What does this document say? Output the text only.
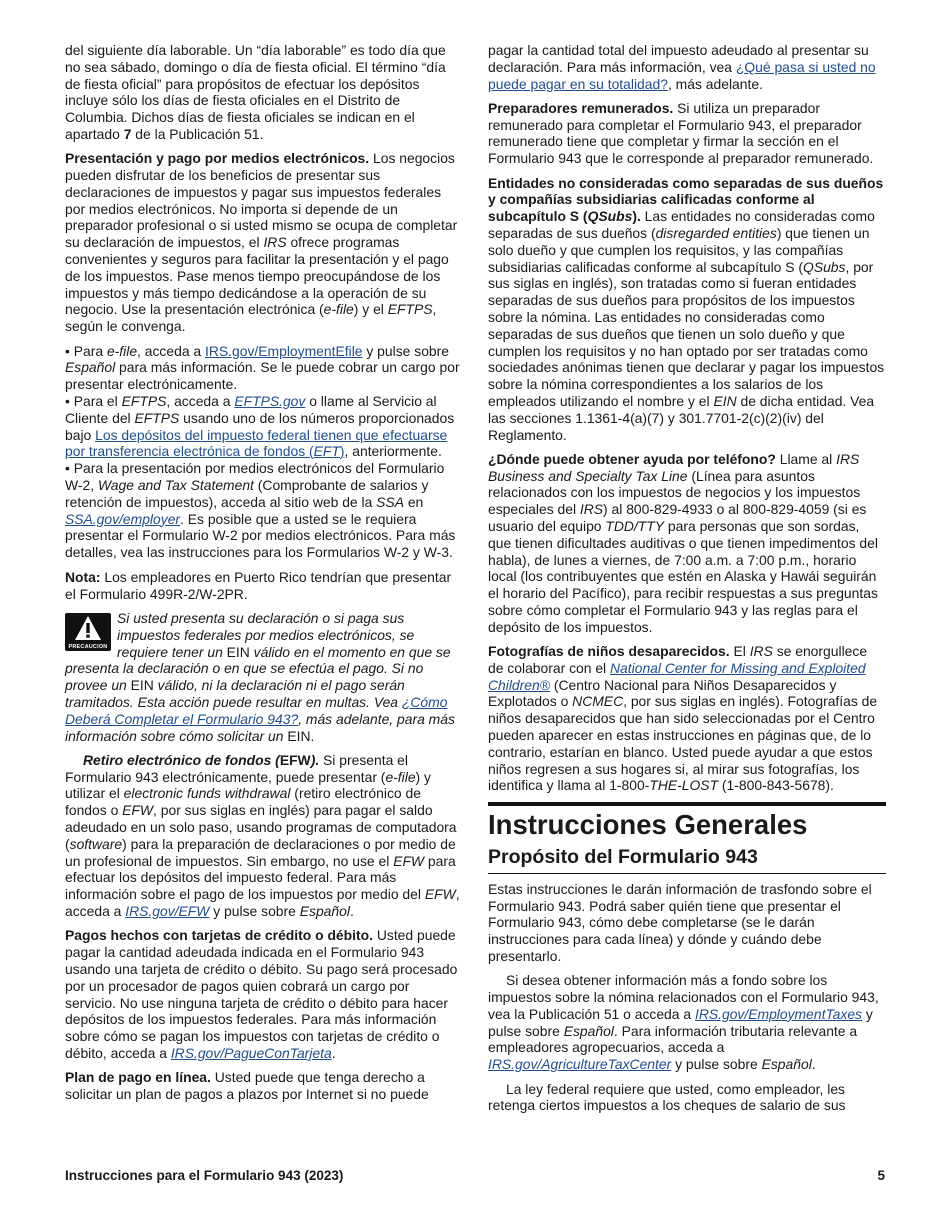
del siguiente día laborable. Un “día laborable” es todo día que no sea sábado, domingo o día de fiesta oficial. El término “día de fiesta oficial” para propósitos de efectuar los depósitos incluye sólo los días de fiesta oficiales en el Distrito de Columbia. Dichos días de fiesta oficiales se indican en el apartado 7 de la Publicación 51.

Presentación y pago por medios electrónicos. Los negocios pueden disfrutar de los beneficios de presentar sus declaraciones de impuestos y pagar sus impuestos federales por medios electrónicos. No importa si depende de un preparador profesional o si usted mismo se ocupa de completar su declaración de impuestos, el IRS ofrece programas convenientes y seguros para facilitar la presentación y el pago de los impuestos. Pase menos tiempo preocupándose de los impuestos y más tiempo dedicándose a la operación de su negocio. Use la presentación electrónica (e-file) y el EFTPS, según le convenga.

• Para e-file, acceda a IRS.gov/EmploymentEfile y pulse sobre Español para más información. Se le puede cobrar un cargo por presentar electrónicamente.

• Para el EFTPS, acceda a EFTPS.gov o llame al Servicio al Cliente del EFTPS usando uno de los números proporcionados bajo Los depósitos del impuesto federal tienen que efectuarse por transferencia electrónica de fondos (EFT), anteriormente.

• Para la presentación por medios electrónicos del Formulario W-2, Wage and Tax Statement (Comprobante de salarios y retención de impuestos), acceda al sitio web de la SSA en SSA.gov/employer. Es posible que a usted se le requiera presentar el Formulario W-2 por medios electrónicos. Para más detalles, vea las instrucciones para los Formularios W-2 y W-3.

Nota: Los empleadores en Puerto Rico tendrían que presentar el Formulario 499R-2/W-2PR.

PRECAUCION
Si usted presenta su declaración o si paga sus impuestos federales por medios electrónicos, se requiere tener un EIN válido en el momento en que se presenta la declaración o en que se efectúa el pago. Si no provee un EIN válido, ni la declaración ni el pago serán tramitados. Esta acción puede resultar en multas. Vea ¿Cómo Deberá Completar el Formulario 943?, más adelante, para más información sobre cómo solicitar un EIN.

Retiro electrónico de fondos (EFW). Si presenta el Formulario 943 electrónicamente, puede presentar (e-file) y utilizar el electronic funds withdrawal (retiro electrónico de fondos o EFW, por sus siglas en inglés) para pagar el saldo adeudado en un solo paso, usando programas de computadora (software) para la preparación de declaraciones o por medio de un profesional de impuestos. Sin embargo, no use el EFW para efectuar los depósitos del impuesto federal. Para más información sobre el pago de los impuestos por medio del EFW, acceda a IRS.gov/EFW y pulse sobre Español.

Pagos hechos con tarjetas de crédito o débito. Usted puede pagar la cantidad adeudada indicada en el Formulario 943 usando una tarjeta de crédito o débito. Su pago será procesado por un procesador de pagos quien cobrará un cargo por servicio. No use ninguna tarjeta de crédito o débito para hacer depósitos de los impuestos federales. Para más información sobre cómo se pagan los impuestos con tarjetas de crédito o débito, acceda a IRS.gov/PagueConTarjeta.

Plan de pago en línea. Usted puede que tenga derecho a solicitar un plan de pagos a plazos por Internet si no puede

pagar la cantidad total del impuesto adeudado al presentar su declaración. Para más información, vea ¿Qué pasa si usted no puede pagar en su totalidad?, más adelante.

Preparadores remunerados. Si utiliza un preparador remunerado para completar el Formulario 943, el preparador remunerado tiene que completar y firmar la sección en el Formulario 943 que le corresponde al preparador remunerado.

Entidades no consideradas como separadas de sus dueños y compañías subsidiarias calificadas conforme al subcapítulo S (QSubs). Las entidades no consideradas como separadas de sus dueños (disregarded entities) que tienen un solo dueño y que cumplen los requisitos, y las compañías subsidiarias calificadas conforme al subcapítulo S (QSubs, por sus siglas en inglés), son tratadas como si fueran entidades separadas de sus dueños para propósitos de los impuestos sobre la nómina. Las entidades no consideradas como separadas de sus dueños que tienen un solo dueño y que cumplen los requisitos y no han optado por ser tratadas como sociedades anónimas tienen que declarar y pagar los impuestos sobre la nómina correspondientes a los salarios de los empleados utilizando el nombre y el EIN de dicha entidad. Vea las secciones 1.1361-4(a)(7) y 301.7701-2(c)(2)(iv) del Reglamento.

¿Dónde puede obtener ayuda por teléfono? Llame al IRS Business and Specialty Tax Line (Línea para asuntos relacionados con los impuestos de negocios y los impuestos especiales del IRS) al 800-829-4933 o al 800-829-4059 (si es usuario del equipo TDD/TTY para personas que son sordas, que tienen dificultades auditivas o que tienen impedimentos del habla), de lunes a viernes, de 7:00 a.m. a 7:00 p.m., horario local (los contribuyentes que estén en Alaska y Hawái seguirán el horario del Pacífico), para recibir respuestas a sus preguntas sobre cómo completar el Formulario 943 y las reglas para el depósito de los impuestos.

Fotografías de niños desaparecidos. El IRS se enorgullece de colaborar con el National Center for Missing and Exploited Children® (Centro Nacional para Niños Desaparecidos y Explotados o NCMEC, por sus siglas en inglés). Fotografías de niños desaparecidos que han sido seleccionadas por el Centro pueden aparecer en estas instrucciones en páginas que, de lo contrario, estarían en blanco. Usted puede ayudar a que estos niños regresen a sus hogares si, al mirar sus fotografías, los identifica y llama al 1-800-THE-LOST (1-800-843-5678).

Instrucciones Generales
Propósito del Formulario 943

Estas instrucciones le darán información de trasfondo sobre el Formulario 943. Podrá saber quién tiene que presentar el Formulario 943, cómo debe completarse (se le darán instrucciones para cada línea) y dónde y cuándo debe presentarlo.

Si desea obtener información más a fondo sobre los impuestos sobre la nómina relacionados con el Formulario 943, vea la Publicación 51 o acceda a IRS.gov/EmploymentTaxes y pulse sobre Español. Para información tributaria relevante a empleadores agropecuarios, acceda a IRS.gov/AgricultureTaxCenter y pulse sobre Español.

La ley federal requiere que usted, como empleador, les retenga ciertos impuestos a los cheques de salario de sus

Instrucciones para el Formulario 943 (2023)	5
